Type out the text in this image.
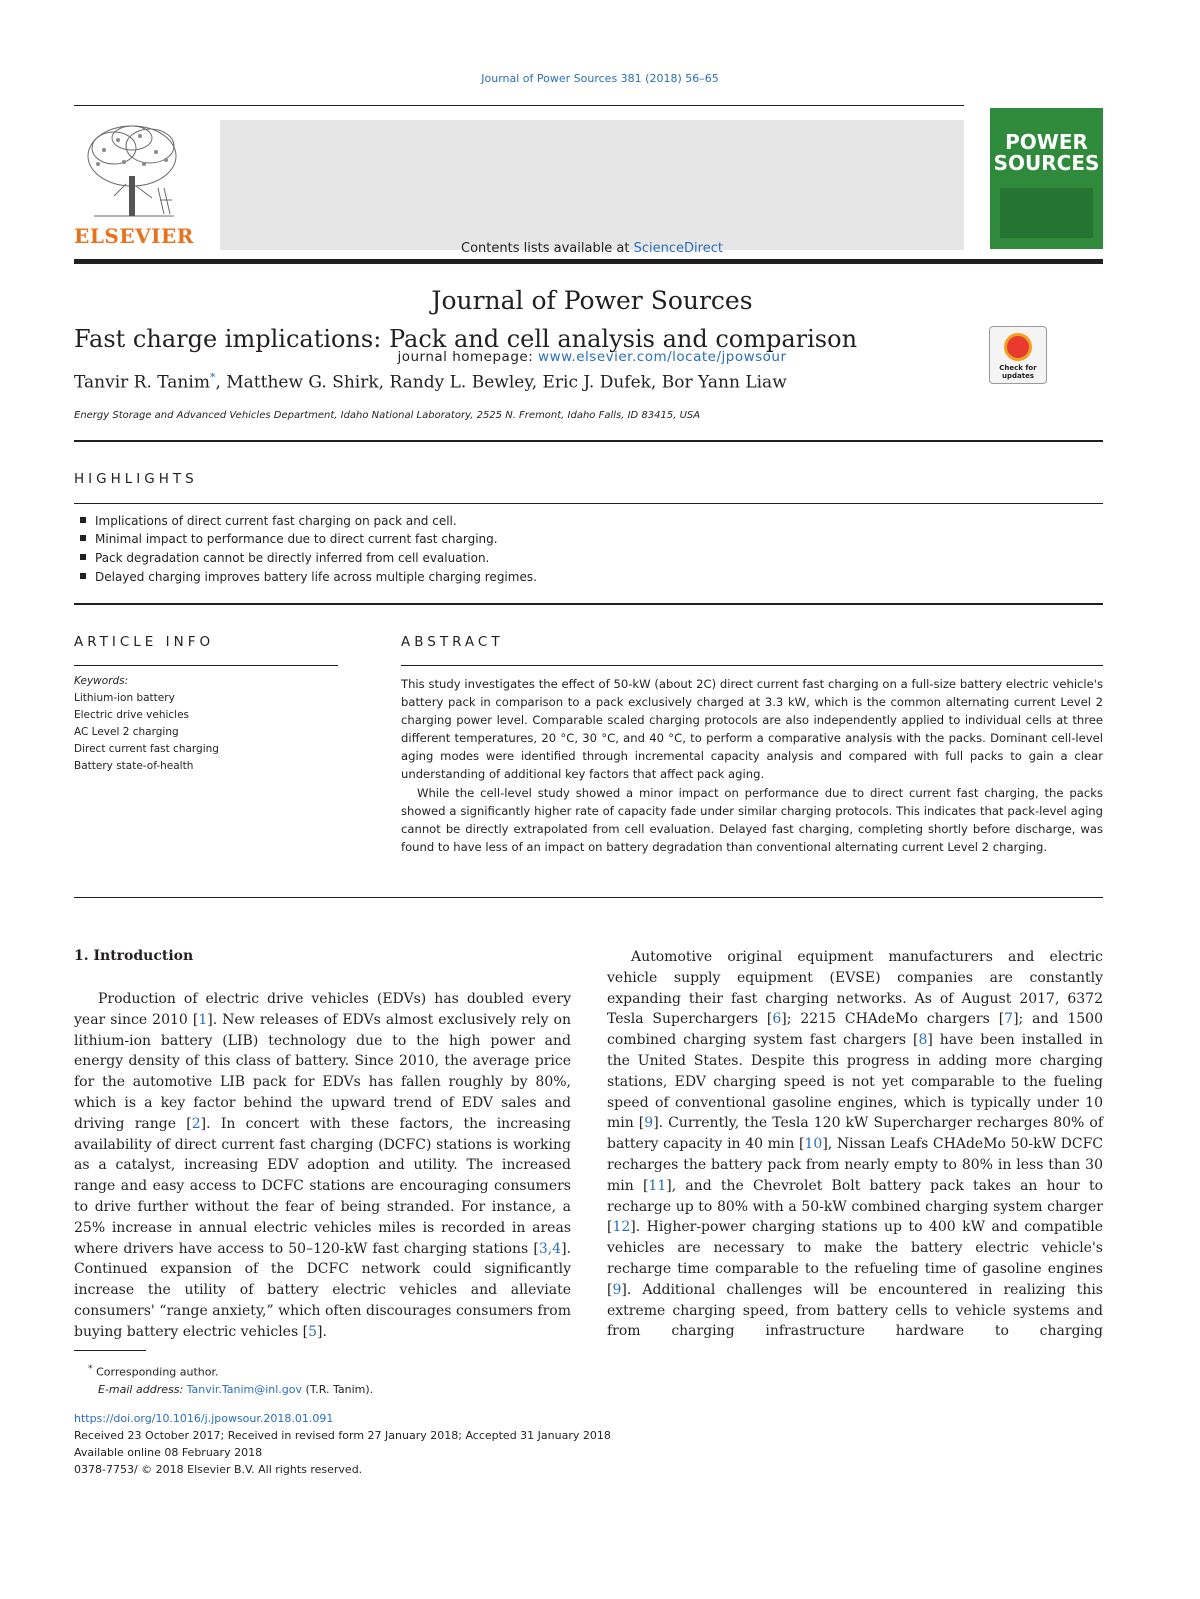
Journal of Power Sources 381 (2018) 56–65
ELSEVIER
Contents lists available at ScienceDirect
Journal of Power Sources
journal homepage: www.elsevier.com/locate/jpowsour
POWER
SOURCES
Fast charge implications: Pack and cell analysis and comparison
Check for
updates
Tanvir R. Tanim*, Matthew G. Shirk, Randy L. Bewley, Eric J. Dufek, Bor Yann Liaw
Energy Storage and Advanced Vehicles Department, Idaho National Laboratory, 2525 N. Fremont, Idaho Falls, ID 83415, USA
HIGHLIGHTS
Implications of direct current fast charging on pack and cell.
Minimal impact to performance due to direct current fast charging.
Pack degradation cannot be directly inferred from cell evaluation.
Delayed charging improves battery life across multiple charging regimes.
ARTICLE INFO
Keywords:
Lithium-ion battery
Electric drive vehicles
AC Level 2 charging
Direct current fast charging
Battery state-of-health
ABSTRACT

This study investigates the effect of 50-kW (about 2C) direct current fast charging on a full-size battery electric vehicle's battery pack in comparison to a pack exclusively charged at 3.3 kW, which is the common alternating current Level 2 charging power level. Comparable scaled charging protocols are also independently applied to individual cells at three different temperatures, 20 °C, 30 °C, and 40 °C, to perform a comparative analysis with the packs. Dominant cell-level aging modes were identified through incremental capacity analysis and compared with full packs to gain a clear understanding of additional key factors that affect pack aging.

While the cell-level study showed a minor impact on performance due to direct current fast charging, the packs showed a significantly higher rate of capacity fade under similar charging protocols. This indicates that pack-level aging cannot be directly extrapolated from cell evaluation. Delayed fast charging, completing shortly before discharge, was found to have less of an impact on battery degradation than conventional alternating current Level 2 charging.

1. Introduction

Production of electric drive vehicles (EDVs) has doubled every year since 2010 [1]. New releases of EDVs almost exclusively rely on lithium-ion battery (LIB) technology due to the high power and energy density of this class of battery. Since 2010, the average price for the automotive LIB pack for EDVs has fallen roughly by 80%, which is a key factor behind the upward trend of EDV sales and driving range [2]. In concert with these factors, the increasing availability of direct current fast charging (DCFC) stations is working as a catalyst, increasing EDV adoption and utility. The increased range and easy access to DCFC stations are encouraging consumers to drive further without the fear of being stranded. For instance, a 25% increase in annual electric vehicles miles is recorded in areas where drivers have access to 50–120-kW fast charging stations [3,4]. Continued expansion of the DCFC network could significantly increase the utility of battery electric vehicles and alleviate consumers' “range anxiety,” which often discourages consumers from buying battery electric vehicles [5].

Automotive original equipment manufacturers and electric vehicle supply equipment (EVSE) companies are constantly expanding their fast charging networks. As of August 2017, 6372 Tesla Superchargers [6]; 2215 CHAdeMo chargers [7]; and 1500 combined charging system fast chargers [8] have been installed in the United States. Despite this progress in adding more charging stations, EDV charging speed is not yet comparable to the fueling speed of conventional gasoline engines, which is typically under 10 min [9]. Currently, the Tesla 120 kW Supercharger recharges 80% of battery capacity in 40 min [10], Nissan Leafs CHAdeMo 50-kW DCFC recharges the battery pack from nearly empty to 80% in less than 30 min [11], and the Chevrolet Bolt battery pack takes an hour to recharge up to 80% with a 50-kW combined charging system charger [12]. Higher-power charging stations up to 400 kW and compatible vehicles are necessary to make the battery electric vehicle's recharge time comparable to the refueling time of gasoline engines [9]. Additional challenges will be encountered in realizing this extreme charging speed, from battery cells to vehicle systems and from charging infrastructure hardware to charging

* Corresponding author.
E-mail address: Tanvir.Tanim@inl.gov (T.R. Tanim).
https://doi.org/10.1016/j.jpowsour.2018.01.091
Received 23 October 2017; Received in revised form 27 January 2018; Accepted 31 January 2018
Available online 08 February 2018
0378-7753/ © 2018 Elsevier B.V. All rights reserved.
